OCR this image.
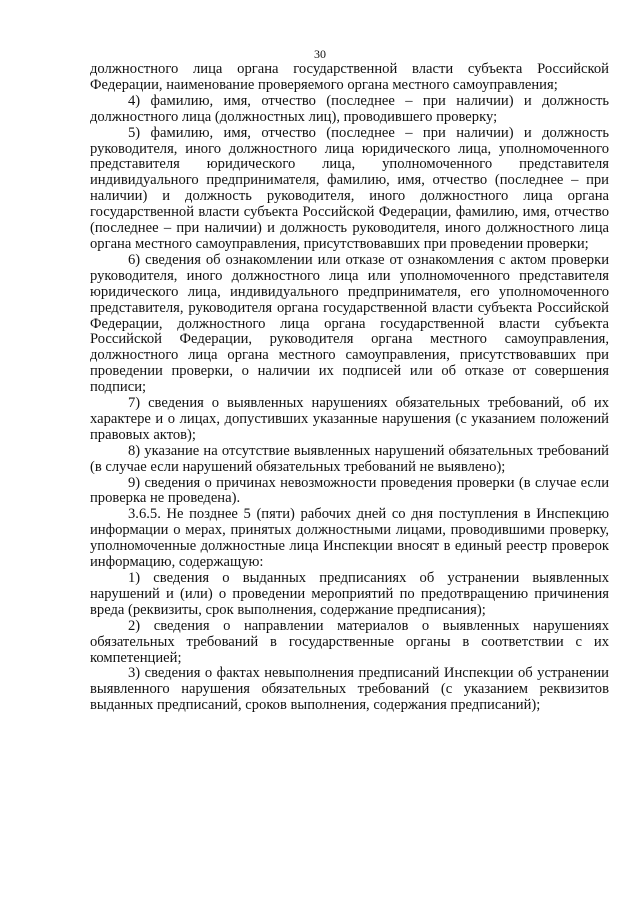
30

должностного лица органа государственной власти субъекта Российской Федерации, наименование проверяемого органа местного самоуправления;

4) фамилию, имя, отчество (последнее – при наличии) и должность должностного лица (должностных лиц), проводившего проверку;

5) фамилию, имя, отчество (последнее – при наличии) и должность руководителя, иного должностного лица юридического лица, уполномоченного представителя юридического лица, уполномоченного представителя индивидуального предпринимателя, фамилию, имя, отчество (последнее – при наличии) и должность руководителя, иного должностного лица органа государственной власти субъекта Российской Федерации, фамилию, имя, отчество (последнее – при наличии) и должность руководителя, иного должностного лица органа местного самоуправления, присутствовавших при проведении проверки;

6) сведения об ознакомлении или отказе от ознакомления с актом проверки руководителя, иного должностного лица или уполномоченного представителя юридического лица, индивидуального предпринимателя, его уполномоченного представителя, руководителя органа государственной власти субъекта Российской Федерации, должностного лица органа государственной власти субъекта Российской Федерации, руководителя органа местного самоуправления, должностного лица органа местного самоуправления, присутствовавших при проведении проверки, о наличии их подписей или об отказе от совершения подписи;

7) сведения о выявленных нарушениях обязательных требований, об их характере и о лицах, допустивших указанные нарушения (с указанием положений правовых актов);

8) указание на отсутствие выявленных нарушений обязательных требований (в случае если нарушений обязательных требований не выявлено);

9) сведения о причинах невозможности проведения проверки (в случае если проверка не проведена).

3.6.5. Не позднее 5 (пяти) рабочих дней со дня поступления в Инспекцию информации о мерах, принятых должностными лицами, проводившими проверку, уполномоченные должностные лица Инспекции вносят в единый реестр проверок информацию, содержащую:

1) сведения о выданных предписаниях об устранении выявленных нарушений и (или) о проведении мероприятий по предотвращению причинения вреда (реквизиты, срок выполнения, содержание предписания);

2) сведения о направлении материалов о выявленных нарушениях обязательных требований в государственные органы в соответствии с их компетенцией;

3) сведения о фактах невыполнения предписаний Инспекции об устранении выявленного нарушения обязательных требований (с указанием реквизитов выданных предписаний, сроков выполнения, содержания предписаний);
